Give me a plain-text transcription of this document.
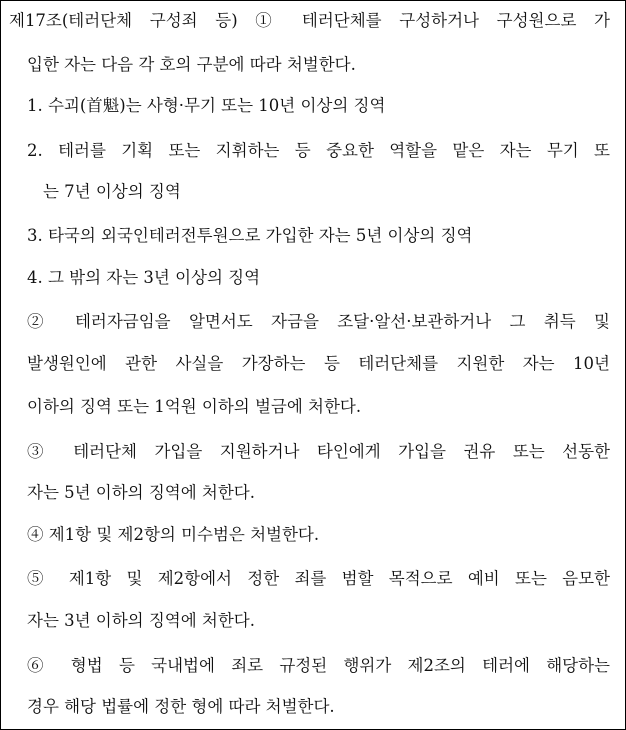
제17조(테러단체 구성죄 등) ① 테러단체를 구성하거나 구성원으로 가
입한 자는 다음 각 호의 구분에 따라 처벌한다.
1. 수괴(首魁)는 사형·무기 또는 10년 이상의 징역
2. 테러를 기획 또는 지휘하는 등 중요한 역할을 맡은 자는 무기 또
는 7년 이상의 징역
3. 타국의 외국인테러전투원으로 가입한 자는 5년 이상의 징역
4. 그 밖의 자는 3년 이상의 징역
② 테러자금임을 알면서도 자금을 조달·알선·보관하거나 그 취득 및
발생원인에 관한 사실을 가장하는 등 테러단체를 지원한 자는 10년
이하의 징역 또는 1억원 이하의 벌금에 처한다.
③ 테러단체 가입을 지원하거나 타인에게 가입을 권유 또는 선동한
자는 5년 이하의 징역에 처한다.
④ 제1항 및 제2항의 미수범은 처벌한다.
⑤ 제1항 및 제2항에서 정한 죄를 범할 목적으로 예비 또는 음모한
자는 3년 이하의 징역에 처한다.
⑥ 형법 등 국내법에 죄로 규정된 행위가 제2조의 테러에 해당하는
경우 해당 법률에 정한 형에 따라 처벌한다.
